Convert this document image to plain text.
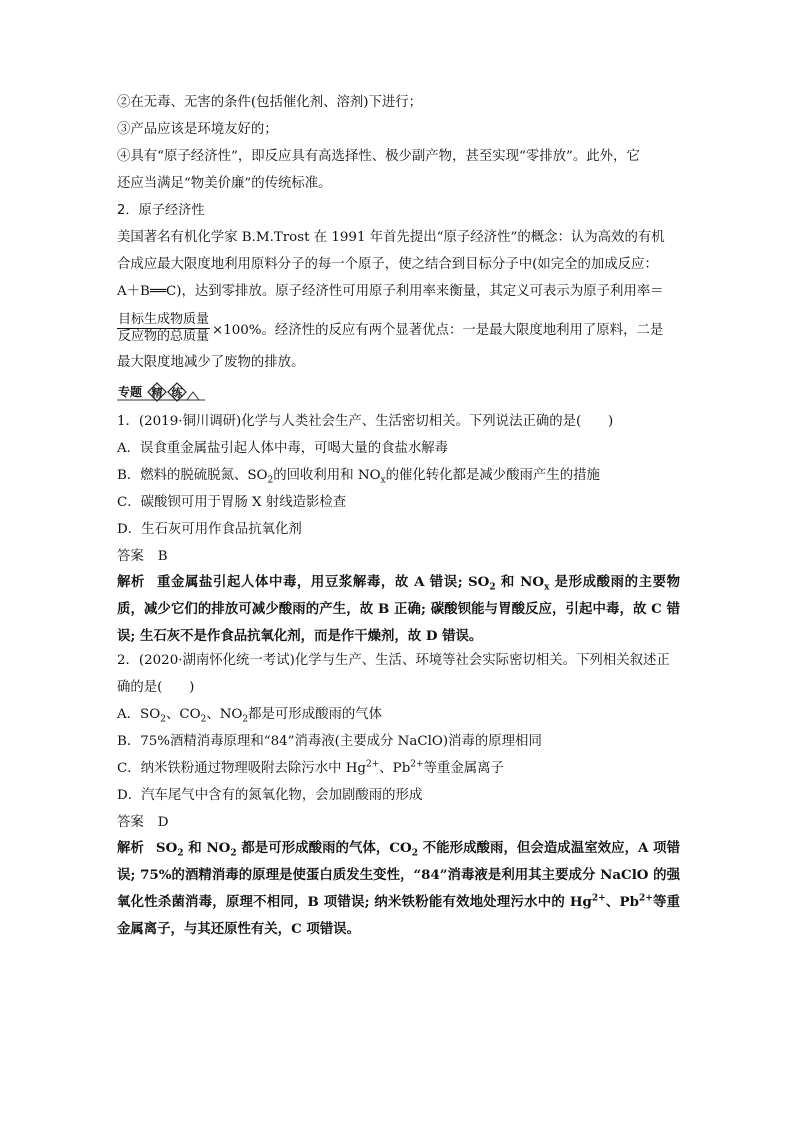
②在无毒、无害的条件(包括催化剂、溶剂)下进行；
③产品应该是环境友好的；
④具有“原子经济性”，即反应具有高选择性、极少副产物，甚至实现“零排放”。此外，它
还应当满足“物美价廉”的传统标准。
2．原子经济性
美国著名有机化学家 B.M.Trost 在 1991 年首先提出“原子经济性”的概念：认为高效的有机
合成应最大限度地利用原料分子的每一个原子，使之结合到目标分子中(如完全的加成反应：
A＋B══C)，达到零排放。原子经济性可用原子利用率来衡量，其定义可表示为原子利用率＝
$\frac{\text{目标生成物质量}}{\text{反应物的总质量}} \times 100\%$。经济性的反应有两个显著优点：一是最大限度地利用了原料，二是
最大限度地减少了废物的排放。
专题 精 练
1．(2019·铜川调研)化学与人类社会生产、生活密切相关。下列说法正确的是(　　)
A．误食重金属盐引起人体中毒，可喝大量的食盐水解毒
B．燃料的脱硫脱氮、$SO_2$的回收利用和 $NO_x$的催化转化都是减少酸雨产生的措施
C．碳酸钡可用于胃肠 X 射线造影检查
D．生石灰可用作食品抗氧化剂
答案 B
解析 重金属盐引起人体中毒，用豆浆解毒，故 A 错误; $SO_2$ 和 $NO_x$ 是形成酸雨的主要物质，减少它们的排放可减少酸雨的产生，故 B 正确; 碳酸钡能与胃酸反应，引起中毒，故 C 错误; 生石灰不是作食品抗氧化剂，而是作干燥剂，故 D 错误。
2．(2020·湖南怀化统一考试)化学与生产、生活、环境等社会实际密切相关。下列相关叙述正
确的是(　　)
A．$SO_2$、$CO_2$、$NO_2$都是可形成酸雨的气体
B．75%酒精消毒原理和“84”消毒液(主要成分 NaClO)消毒的原理相同
C．纳米铁粉通过物理吸附去除污水中 $Hg^{2+}$、$Pb^{2+}$等重金属离子
D．汽车尾气中含有的氮氧化物，会加剧酸雨的形成
答案 D
解析 $SO_2$ 和 $NO_2$ 都是可形成酸雨的气体，$CO_2$ 不能形成酸雨，但会造成温室效应，A 项错误; 75%的酒精消毒的原理是使蛋白质发生变性，“84”消毒液是利用其主要成分 NaClO 的强氧化性杀菌消毒，原理不相同，B 项错误; 纳米铁粉能有效地处理污水中的 $Hg^{2+}$、$Pb^{2+}$等重金属离子，与其还原性有关，C 项错误。
